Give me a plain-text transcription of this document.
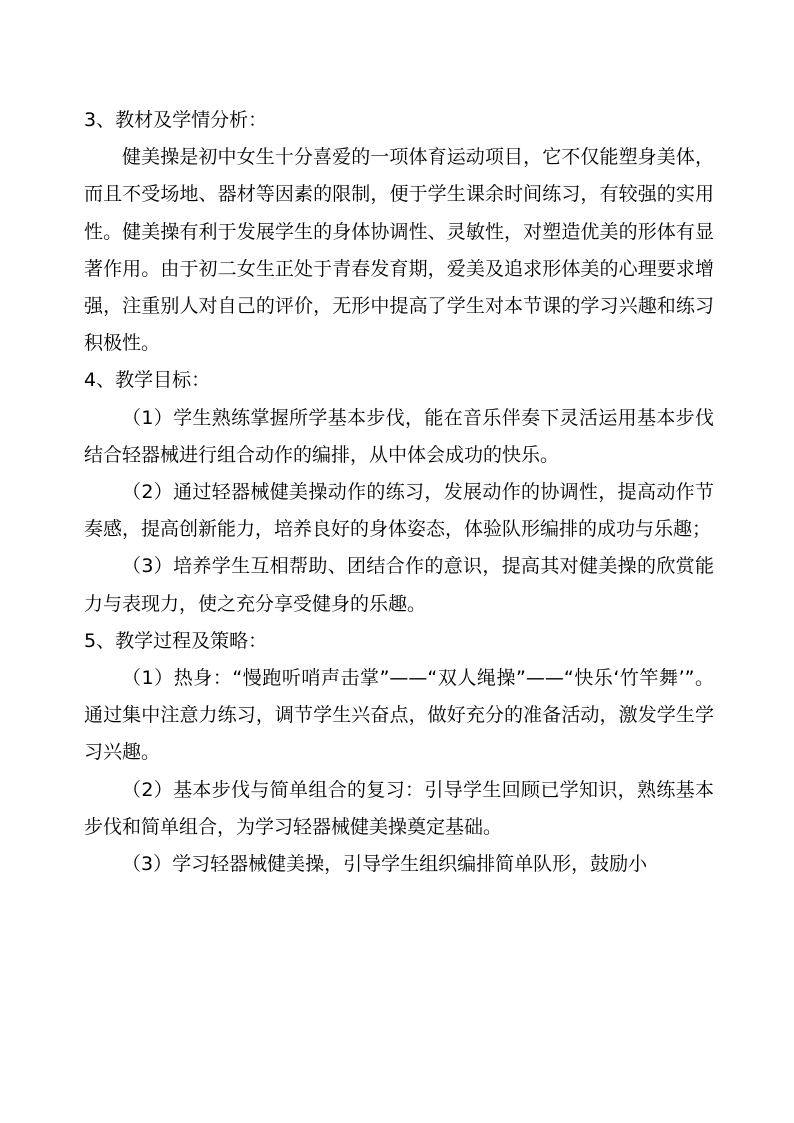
3、教材及学情分析：

健美操是初中女生十分喜爱的一项体育运动项目，它不仅能塑身美体，而且不受场地、器材等因素的限制，便于学生课余时间练习，有较强的实用性。健美操有利于发展学生的身体协调性、灵敏性，对塑造优美的形体有显著作用。由于初二女生正处于青春发育期，爱美及追求形体美的心理要求增强，注重别人对自己的评价，无形中提高了学生对本节课的学习兴趣和练习积极性。

4、教学目标：

（1）学生熟练掌握所学基本步伐，能在音乐伴奏下灵活运用基本步伐结合轻器械进行组合动作的编排，从中体会成功的快乐。

（2）通过轻器械健美操动作的练习，发展动作的协调性，提高动作节奏感，提高创新能力，培养良好的身体姿态，体验队形编排的成功与乐趣；

（3）培养学生互相帮助、团结合作的意识，提高其对健美操的欣赏能力与表现力，使之充分享受健身的乐趣。

5、教学过程及策略：

（1）热身：“慢跑听哨声击掌”——“双人绳操”——“快乐‘竹竿舞’”。通过集中注意力练习，调节学生兴奋点，做好充分的准备活动，激发学生学习兴趣。

（2）基本步伐与简单组合的复习：引导学生回顾已学知识，熟练基本步伐和简单组合，为学习轻器械健美操奠定基础。

（3）学习轻器械健美操，引导学生组织编排简单队形，鼓励小
